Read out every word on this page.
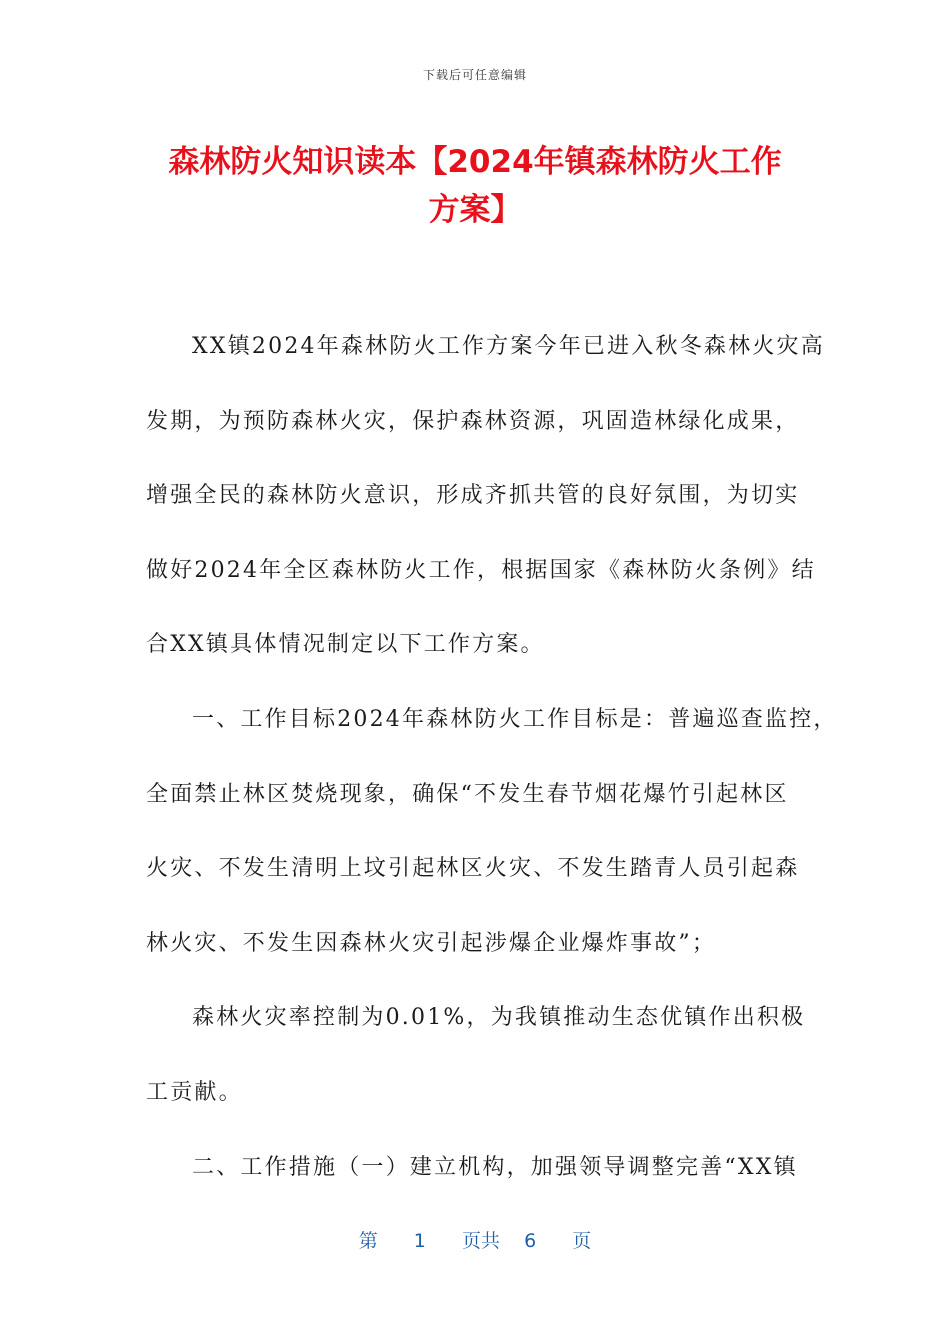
下载后可任意编辑
森林防火知识读本【2024年镇森林防火工作
方案】
XX镇2024年森林防火工作方案今年已进入秋冬森林火灾高
发期，为预防森林火灾，保护森林资源，巩固造林绿化成果，
增强全民的森林防火意识，形成齐抓共管的良好氛围，为切实
做好2024年全区森林防火工作，根据国家《森林防火条例》结
合XX镇具体情况制定以下工作方案。
一、工作目标2024年森林防火工作目标是：普遍巡查监控，
全面禁止林区焚烧现象，确保“不发生春节烟花爆竹引起林区
火灾、不发生清明上坟引起林区火灾、不发生踏青人员引起森
林火灾、不发生因森林火灾引起涉爆企业爆炸事故”；
森林火灾率控制为0.01%，为我镇推动生态优镇作出积极
工贡献。
二、工作措施（一）建立机构，加强领导调整完善“XX镇
第 1 页共 6 页
